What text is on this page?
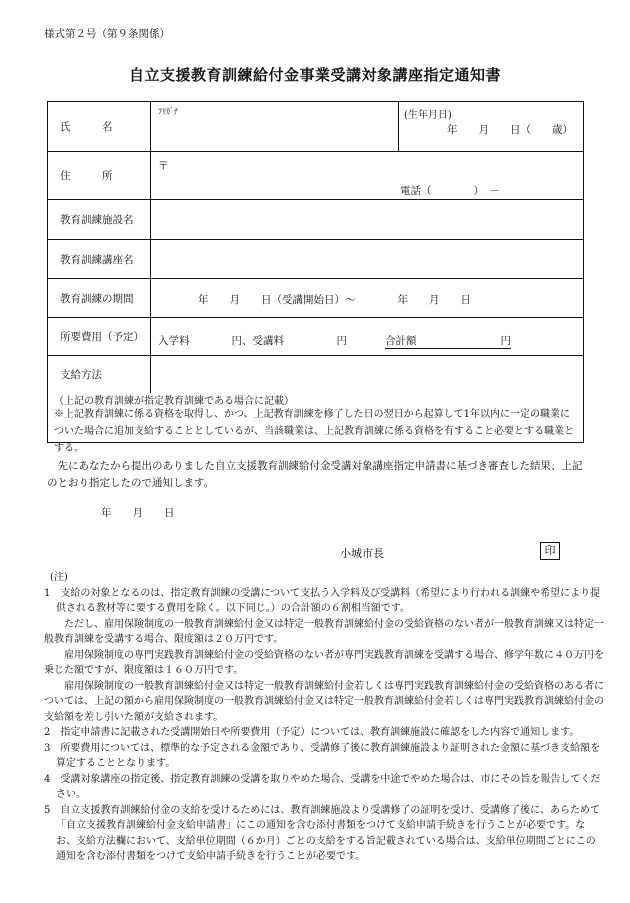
様式第２号（第９条関係）
自立支援教育訓練給付金事業受講対象講座指定通知書
氏　　　名
ﾌﾘｶﾞﾅ	(生年月日)
年　　月　　日（　　歳）
住　　　所
〒
電話（　　　　）　－
教育訓練施設名
教育訓練講座名
教育訓練の期間	年　　月　　日（受講開始日）～　　　　年　　月　　日
所要費用（予定）	入学料　　　　円、受講料　　　　　円	合計額　　　　　　　　円
支給方法
（上記の教育訓練が指定教育訓練である場合に記載）
※上記教育訓練に係る資格を取得し、かつ、上記教育訓練を修了した日の翌日から起算して1年以内に一定の職業についた場合に追加支給することとしているが、当該職業は、上記教育訓練に係る資格を有すること必要とする職業とする。
先にあなたから提出のありました自立支援教育訓練給付金受講対象講座指定申請書に基づき審査した結果、上記のとおり指定したので通知します。
年　　月　　日
小城市長	印

(注)

1　支給の対象となるのは、指定教育訓練の受講について支払う入学料及び受講料（希望により行われる訓練や希望により提供される教材等に要する費用を除く。以下同じ。）の合計額の６割相当額です。

ただし、雇用保険制度の一般教育訓練給付金又は特定一般教育訓練給付金の受給資格のない者が一般教育訓練又は特定一般教育訓練を受講する場合、限度額は２０万円です。

雇用保険制度の専門実践教育訓練給付金の受給資格のない者が専門実践教育訓練を受講する場合、修学年数に４０万円を乗じた額ですが、限度額は１６０万円です。

雇用保険制度の一般教育訓練給付金又は特定一般教育訓練給付金若しくは専門実践教育訓練給付金の受給資格のある者については、上記の額から雇用保険制度の一般教育訓練給付金又は特定一般教育訓練給付金若しくは専門実践教育訓練給付金の支給額を差し引いた額が支給されます。

2　指定申請書に記載された受講開始日や所要費用（予定）については、教育訓練施設に確認をした内容で通知します。

3　所要費用については、標準的な予定される金額であり、受講修了後に教育訓練施設より証明された金額に基づき支給額を算定することとなります。

4　受講対象講座の指定後、指定教育訓練の受講を取りやめた場合、受講を中途でやめた場合は、市にその旨を報告してください。

5　自立支援教育訓練給付金の支給を受けるためには、教育訓練施設より受講修了の証明を受け、受講修了後に、あらためて「自立支援教育訓練給付金支給申請書」にこの通知を含む添付書類をつけて支給申請手続きを行うことが必要です。なお、支給方法欄において、支給単位期間（６か月）ごとの支給をする旨記載されている場合は、支給単位期間ごとにこの通知を含む添付書類をつけて支給申請手続きを行うことが必要です。
